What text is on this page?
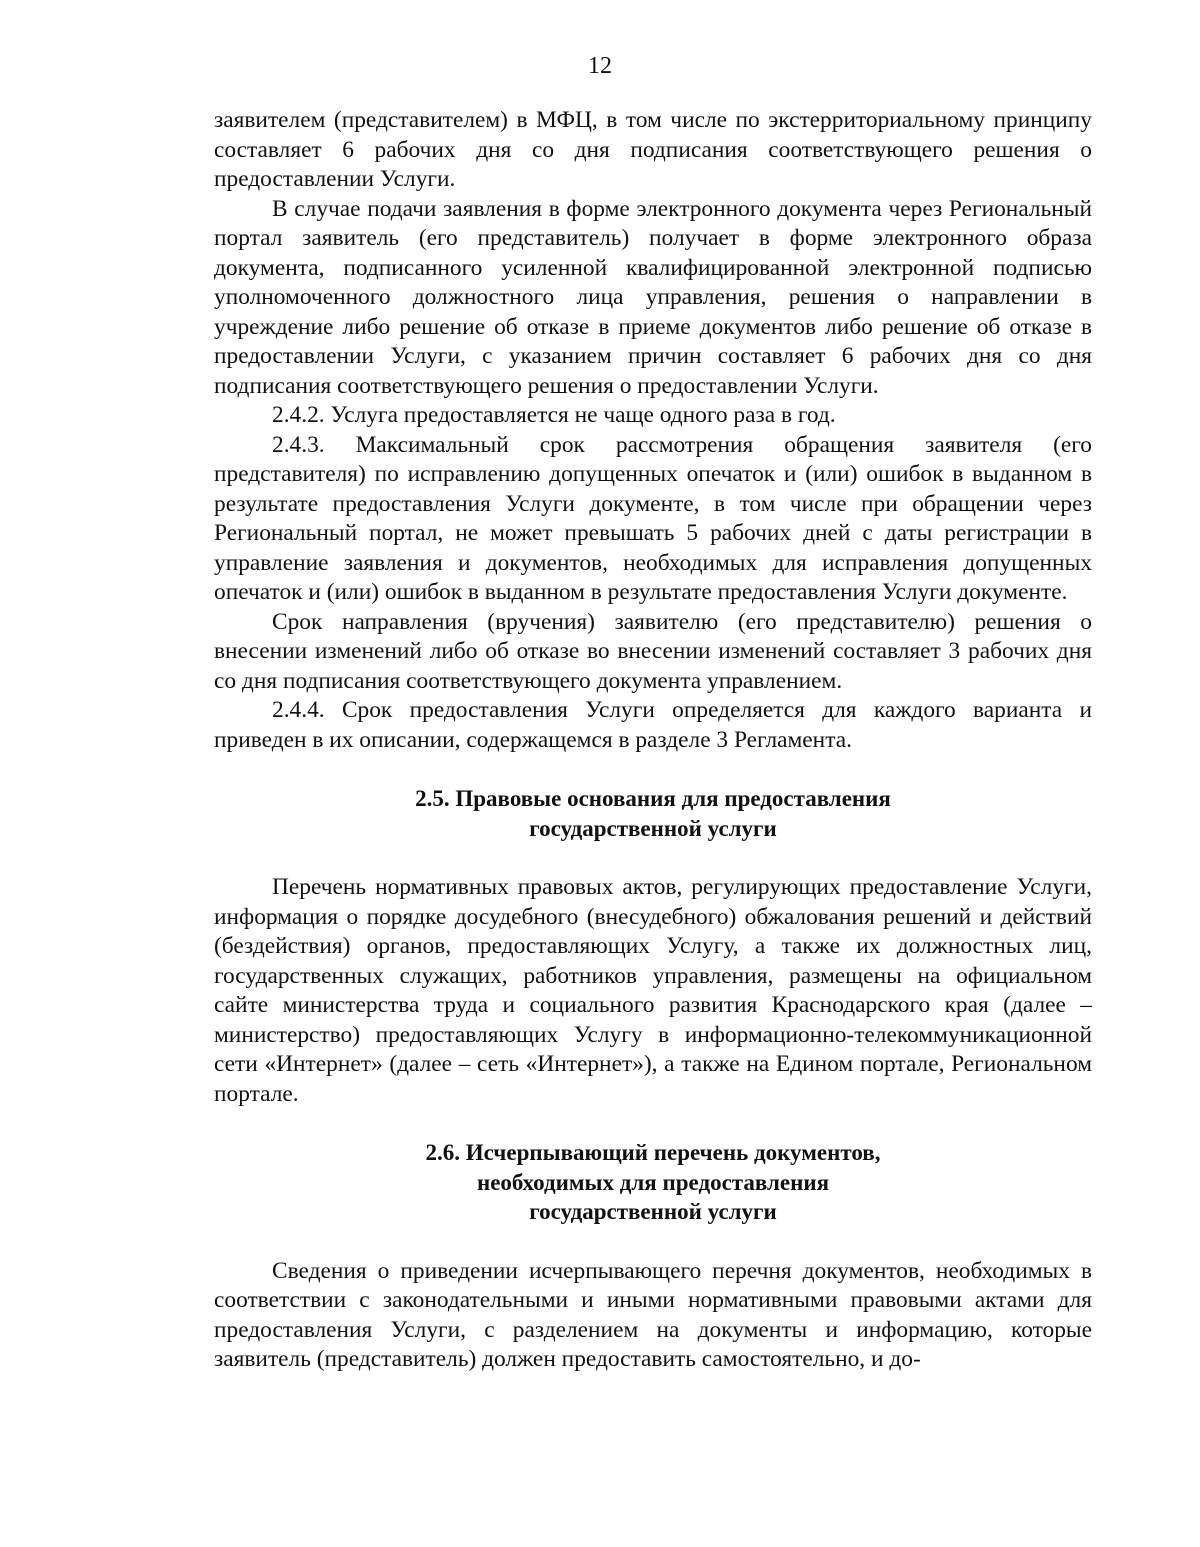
12

заявителем (представителем) в МФЦ, в том числе по экстерриториальному принципу составляет 6 рабочих дня со дня подписания соответствующего решения о предоставлении Услуги.

В случае подачи заявления в форме электронного документа через Региональный портал заявитель (его представитель) получает в форме электронного образа документа, подписанного усиленной квалифицированной электронной подписью уполномоченного должностного лица управления, решения о направлении в учреждение либо решение об отказе в приеме документов либо решение об отказе в предоставлении Услуги, с указанием причин составляет 6 рабочих дня со дня подписания соответствующего решения о предоставлении Услуги.

2.4.2. Услуга предоставляется не чаще одного раза в год.

2.4.3. Максимальный срок рассмотрения обращения заявителя (его представителя) по исправлению допущенных опечаток и (или) ошибок в выданном в результате предоставления Услуги документе, в том числе при обращении через Региональный портал, не может превышать 5 рабочих дней с даты регистрации в управление заявления и документов, необходимых для исправления допущенных опечаток и (или) ошибок в выданном в результате предоставления Услуги документе.

Срок направления (вручения) заявителю (его представителю) решения о внесении изменений либо об отказе во внесении изменений составляет 3 рабочих дня со дня подписания соответствующего документа управлением.

2.4.4. Срок предоставления Услуги определяется для каждого варианта и приведен в их описании, содержащемся в разделе 3 Регламента.

2.5. Правовые основания для предоставления
государственной услуги

Перечень нормативных правовых актов, регулирующих предоставление Услуги, информация о порядке досудебного (внесудебного) обжалования решений и действий (бездействия) органов, предоставляющих Услугу, а также их должностных лиц, государственных служащих, работников управления, размещены на официальном сайте министерства труда и социального развития Краснодарского края (далее – министерство) предоставляющих Услугу в информационно-телекоммуникационной сети «Интернет» (далее – сеть «Интернет»), а также на Едином портале, Региональном портале.

2.6. Исчерпывающий перечень документов,
необходимых для предоставления
государственной услуги

Сведения о приведении исчерпывающего перечня документов, необходимых в соответствии с законодательными и иными нормативными правовыми актами для предоставления Услуги, с разделением на документы и информацию, которые заявитель (представитель) должен предоставить самостоятельно, и до-
